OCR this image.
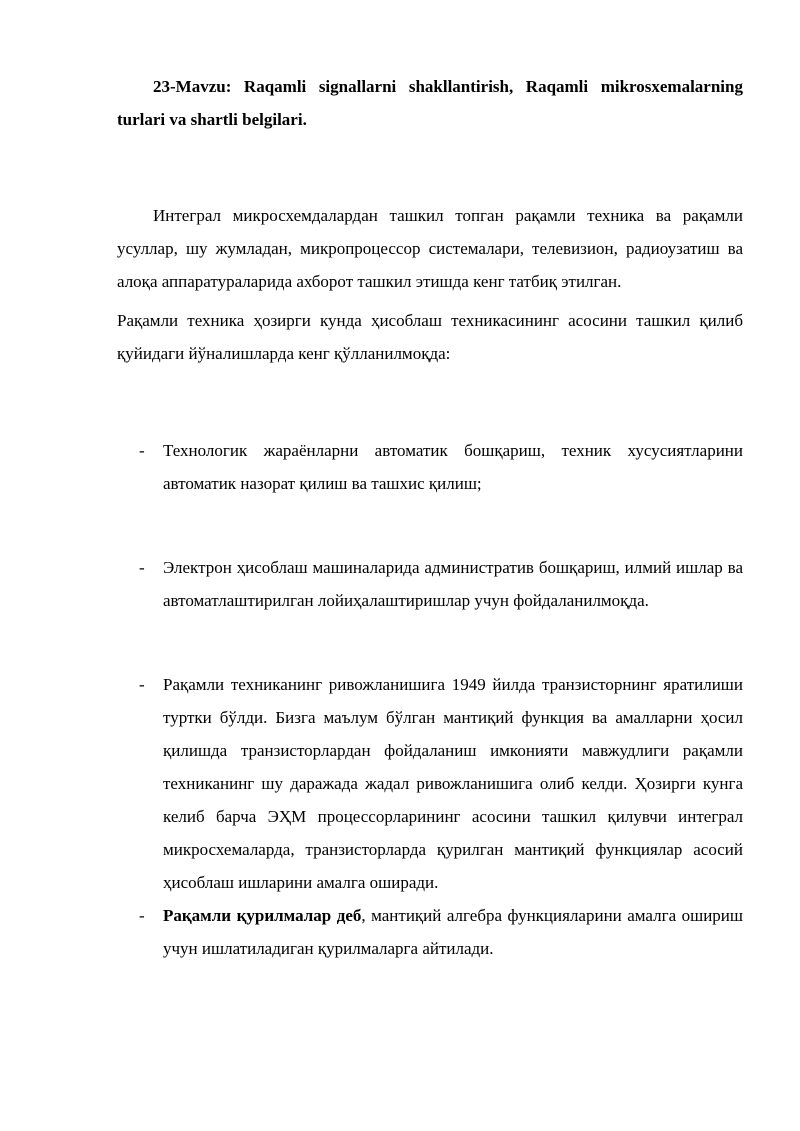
23-Mavzu: Raqamli signallarni shakllantirish, Raqamli mikrosxemalarning turlari va shartli belgilari.

Интеграл микросхемдалардан ташкил топган рақамли техника ва рақамли усуллар, шу жумладан, микропроцессор системалари, телевизион, радиоузатиш ва алоқа аппаратураларида ахборот ташкил этишда кенг татбиқ этилган.

Рақамли техника ҳозирги кунда ҳисоблаш техникасининг асосини ташкил қилиб қуйидаги йўналишларда кенг қўлланилмоқда:

- Технологик жараёнларни автоматик бошқариш, техник хусусиятларини автоматик назорат қилиш ва ташхис қилиш;
- Электрон ҳисоблаш машиналарида административ бошқариш, илмий ишлар ва автоматлаштирилган лойиҳалаштиришлар учун фойдаланилмоқда.
- Рақамли техниканинг ривожланишига 1949 йилда транзисторнинг яратилиши туртки бўлди. Бизга маълум бўлган мантиқий функция ва амалларни ҳосил қилишда транзисторлардан фойдаланиш имконияти мавжудлиги рақамли техниканинг шу даражада жадал ривожланишига олиб келди. Ҳозирги кунга келиб барча ЭҲМ процессорларининг асосини ташкил қилувчи интеграл микросхемаларда, транзисторларда қурилган мантиқий функциялар асосий ҳисоблаш ишларини амалга оширади.
- Рақамли қурилмалар деб, мантиқий алгебра функцияларини амалга ошириш учун ишлатиладиган қурилмаларга айтилади.
